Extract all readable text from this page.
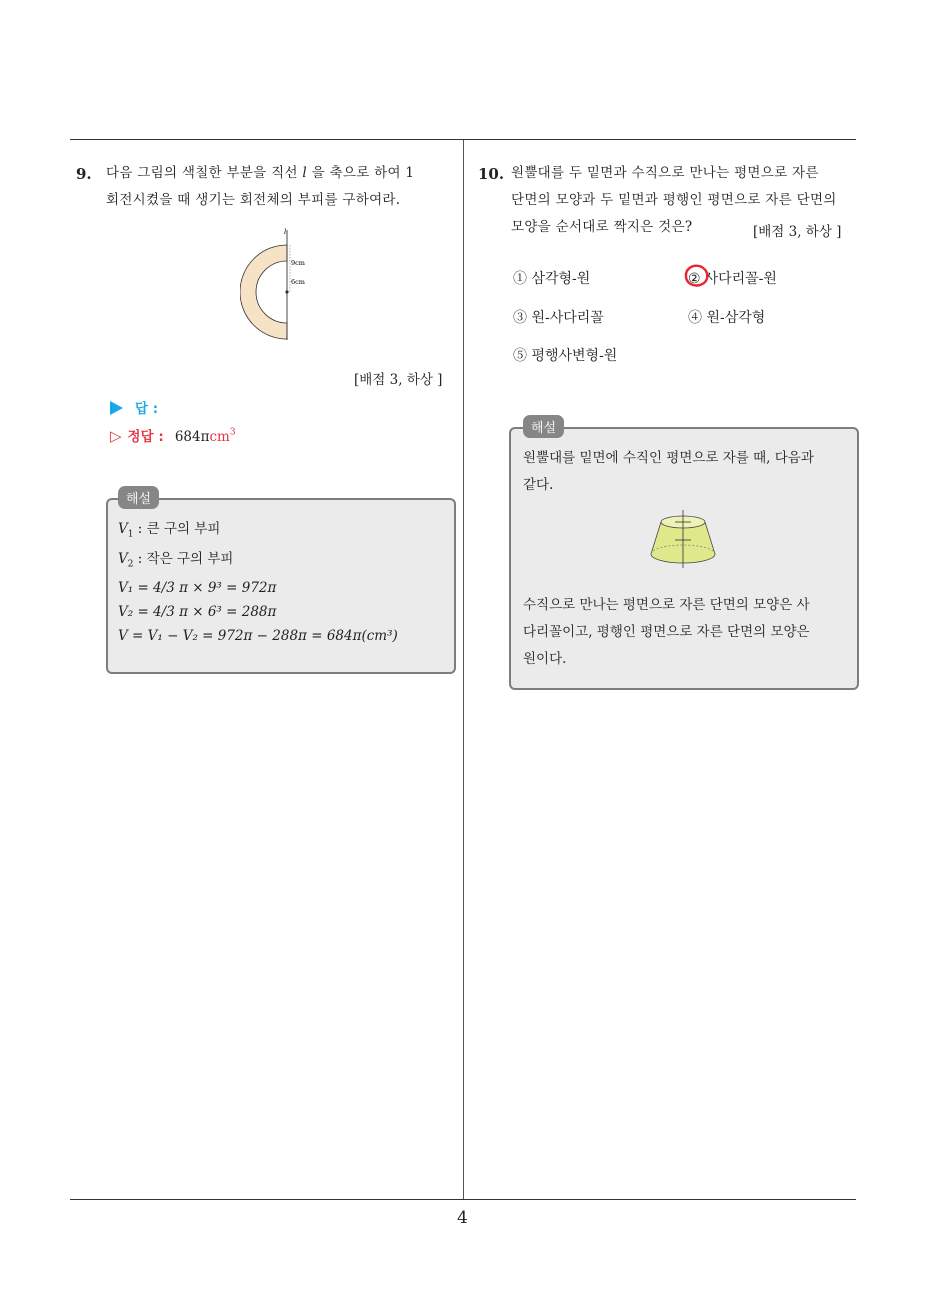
4
9. 다음 그림의 색칠한 부분을 직선 l 을 축으로 하여 1
회전시켰을 때 생기는 회전체의 부피를 구하여라.
l
9cm
6cm
[배점 3, 하상 ]
답 :
▷ 정답 : 684πcm$^3$
해설
$V_1$ : 큰 구의 부피
$V_2$ : 작은 구의 부피
V₁ = 4/3 π × 9³ = 972π
V₂ = 4/3 π × 6³ = 288π
V = V₁ − V₂ = 972π − 288π = 684π(cm³)
10. 원뿔대를 두 밑면과 수직으로 만나는 평면으로 자른
단면의 모양과 두 밑면과 평행인 평면으로 자른 단면의
모양을 순서대로 짝지은 것은?	[배점 3, 하상 ]
① 삼각형-원	② 사다리꼴-원
③ 원-사다리꼴	④ 원-삼각형
⑤ 평행사변형-원
해설
원뿔대를 밑면에 수직인 평면으로 자를 때, 다음과
같다.
수직으로 만나는 평면으로 자른 단면의 모양은 사
다리꼴이고, 평행인 평면으로 자른 단면의 모양은
원이다.
